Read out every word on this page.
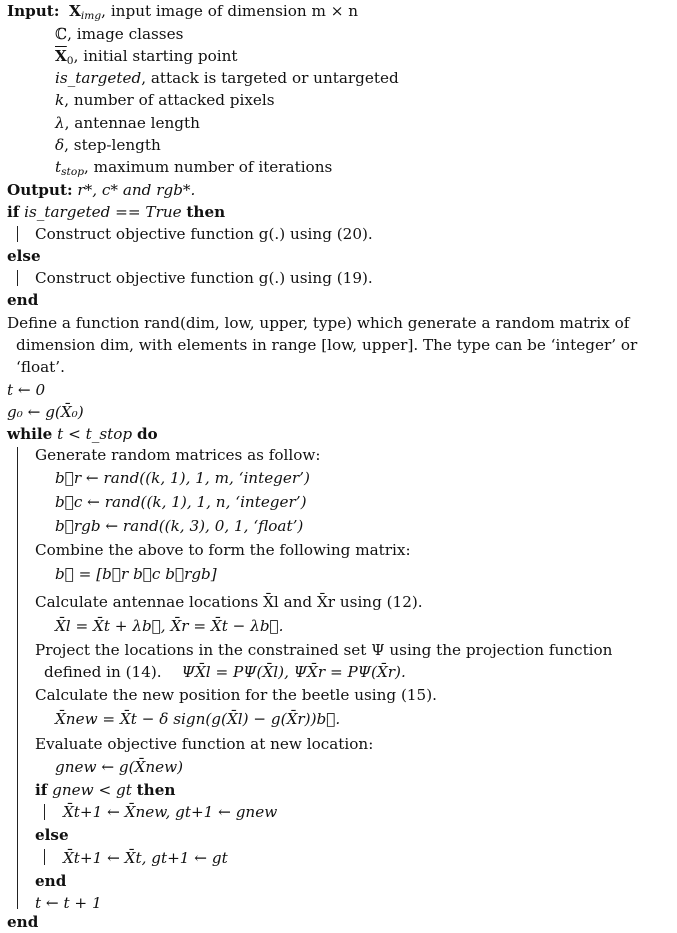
Input: $X_{img}$, input image of dimension m × n
ℂ, image classes
$\overline{X}_0$, initial starting point
is_targeted, attack is targeted or untargeted
k, number of attacked pixels
λ, antennae length
δ, step-length
$t_{stop}$, maximum number of iterations
Output: r*, c* and rgb*.
if is_targeted == True then
Construct objective function g(.) using (20).
else
Construct objective function g(.) using (19).
end
Define a function rand(dim, low, upper, type) which generate a random matrix of
dimension dim, with elements in range [low, upper]. The type can be ‘integer’ or
‘float’.
t ← 0
g₀ ← g(X̄₀)
while t < t_stop do
Generate random matrices as follow:
b⃗r ← rand((k, 1), 1, m, ‘integer’)
b⃗c ← rand((k, 1), 1, n, ‘integer’)
b⃗rgb ← rand((k, 3), 0, 1, ‘float’)
Combine the above to form the following matrix:
b⃗ = [b⃗r b⃗c b⃗rgb]
Calculate antennae locations X̄l and X̄r using (12).
X̄l = X̄t + λb⃗, X̄r = X̄t − λb⃗.
Project the locations in the constrained set Ψ using the projection function
defined in (14). ΨX̄l = PΨ(X̄l), ΨX̄r = PΨ(X̄r).
Calculate the new position for the beetle using (15).
X̄new = X̄t − δ sign(g(X̄l) − g(X̄r))b⃗.
Evaluate objective function at new location:
gnew ← g(X̄new)
if gnew < gt then
X̄t+1 ← X̄new, gt+1 ← gnew
else
X̄t+1 ← X̄t, gt+1 ← gt
end
t ← t + 1
end
